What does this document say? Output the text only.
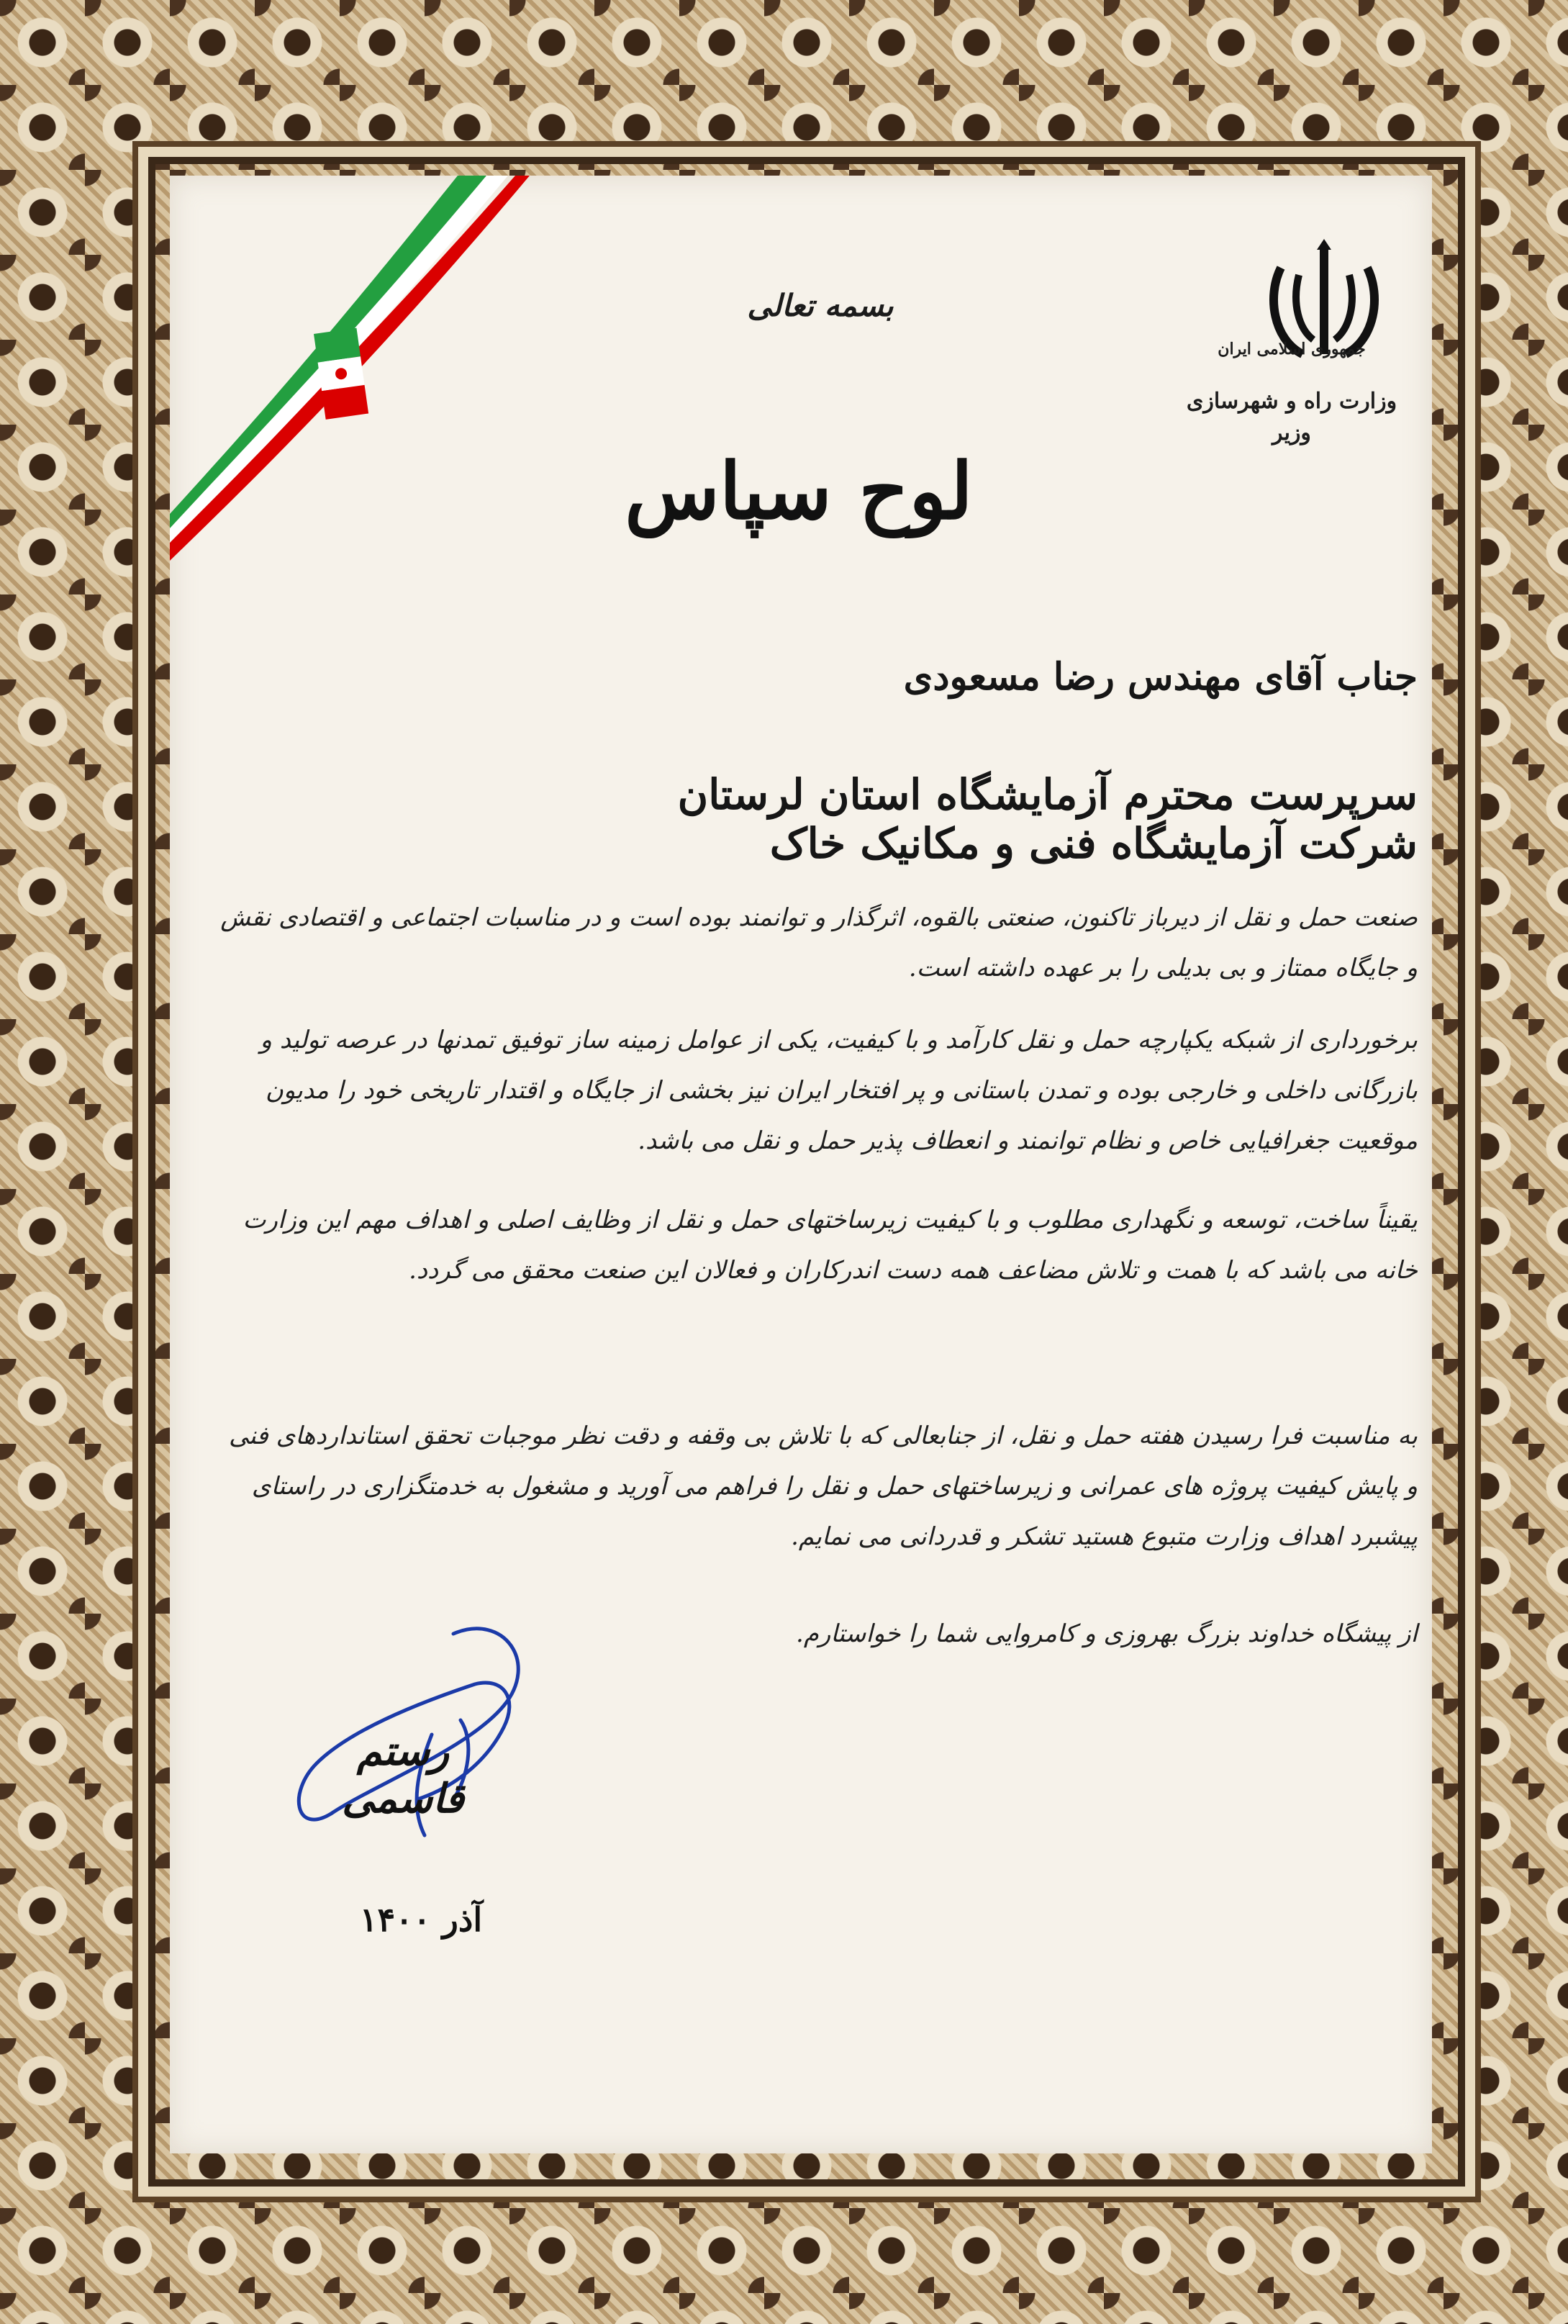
جمهوری اسلامی ایران
وزارت راه و شهرسازی
وزیر
بسمه تعالی
لوح سپاس
جناب آقای مهندس رضا مسعودی
سرپرست محترم آزمایشگاه استان لرستان شرکت آزمایشگاه فنی و مکانیک خاک
صنعت حمل و نقل از دیرباز تاکنون، صنعتی بالقوه، اثرگذار و توانمند بوده است و در مناسبات اجتماعی و اقتصادی نقش و جایگاه ممتاز و بی بدیلی را بر عهده داشته است.
برخورداری از شبکه یکپارچه حمل و نقل کارآمد و با کیفیت، یکی از عوامل زمینه ساز توفیق تمدنها در عرصه تولید و بازرگانی داخلی و خارجی بوده و تمدن باستانی و پر افتخار ایران نیز بخشی از جایگاه و اقتدار تاریخی خود را مدیون موقعیت جغرافیایی خاص و نظام توانمند و انعطاف پذیر حمل و نقل می باشد.
یقیناً ساخت، توسعه و نگهداری مطلوب و با کیفیت زیرساختهای حمل و نقل از وظایف اصلی و اهداف مهم این وزارت خانه می باشد که با همت و تلاش مضاعف همه دست اندرکاران و فعالان این صنعت محقق می گردد.
به مناسبت فرا رسیدن هفته حمل و نقل، از جنابعالی که با تلاش بی وقفه و دقت نظر موجبات تحقق استانداردهای فنی و پایش کیفیت پروژه های عمرانی و زیرساختهای حمل و نقل را فراهم می آورید و مشغول به خدمتگزاری در راستای پیشبرد اهداف وزارت متبوع هستید تشکر و قدردانی می نمایم.
از پیشگاه خداوند بزرگ بهروزی و کامروایی شما را خواستارم.
رستم قاسمی
آذر ۱۴۰۰
